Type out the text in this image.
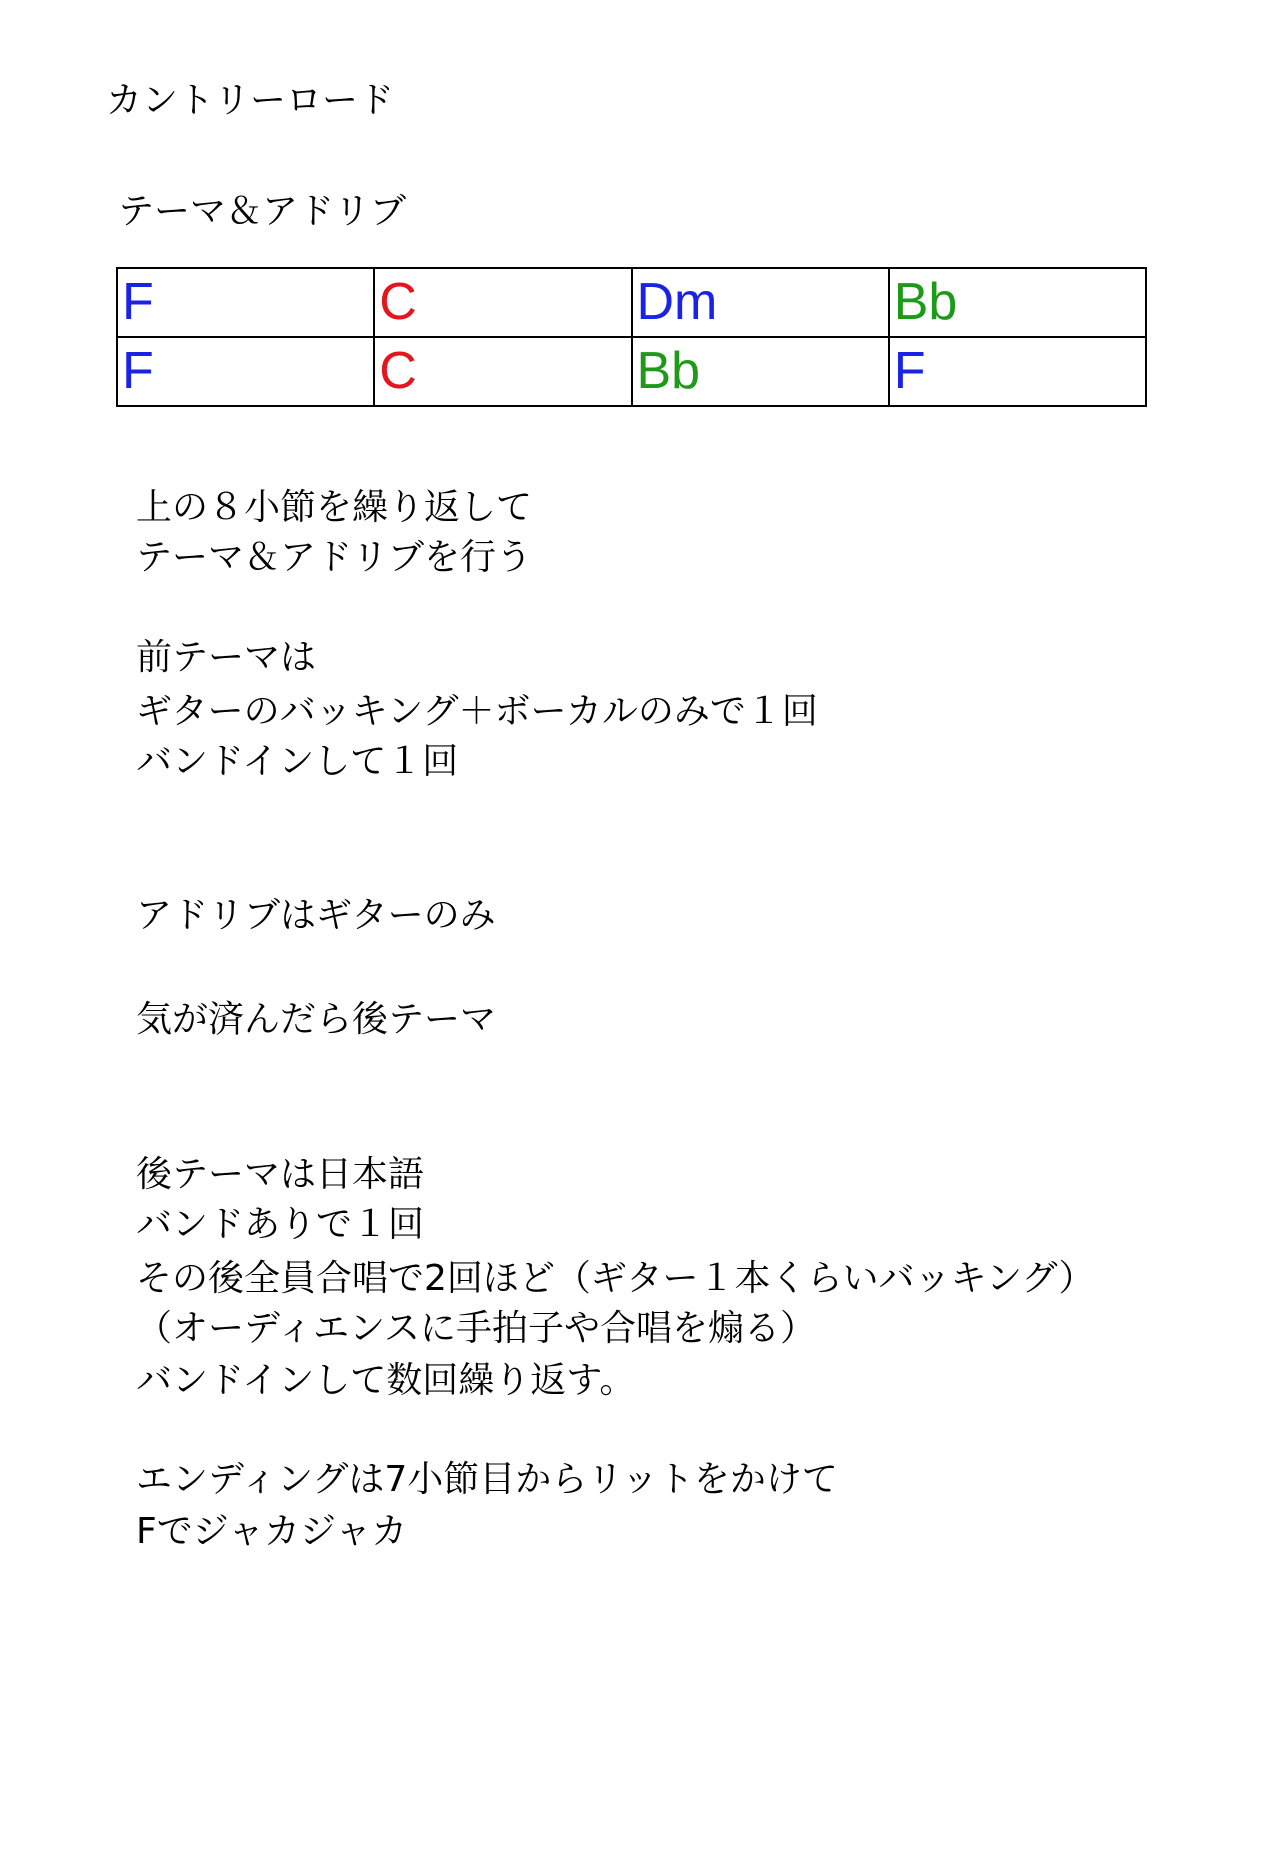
カントリーロード
テーマ＆アドリブ
F	C	Dm	Bb
F	C	Bb	F
上の８小節を繰り返して
テーマ＆アドリブを行う
前テーマは
ギターのバッキング＋ボーカルのみで１回
バンドインして１回
アドリブはギターのみ
気が済んだら後テーマ
後テーマは日本語
バンドありで１回
その後全員合唱で2回ほど（ギター１本くらいバッキング）
（オーディエンスに手拍子や合唱を煽る）
バンドインして数回繰り返す。
エンディングは7小節目からリットをかけて
Fでジャカジャカ
